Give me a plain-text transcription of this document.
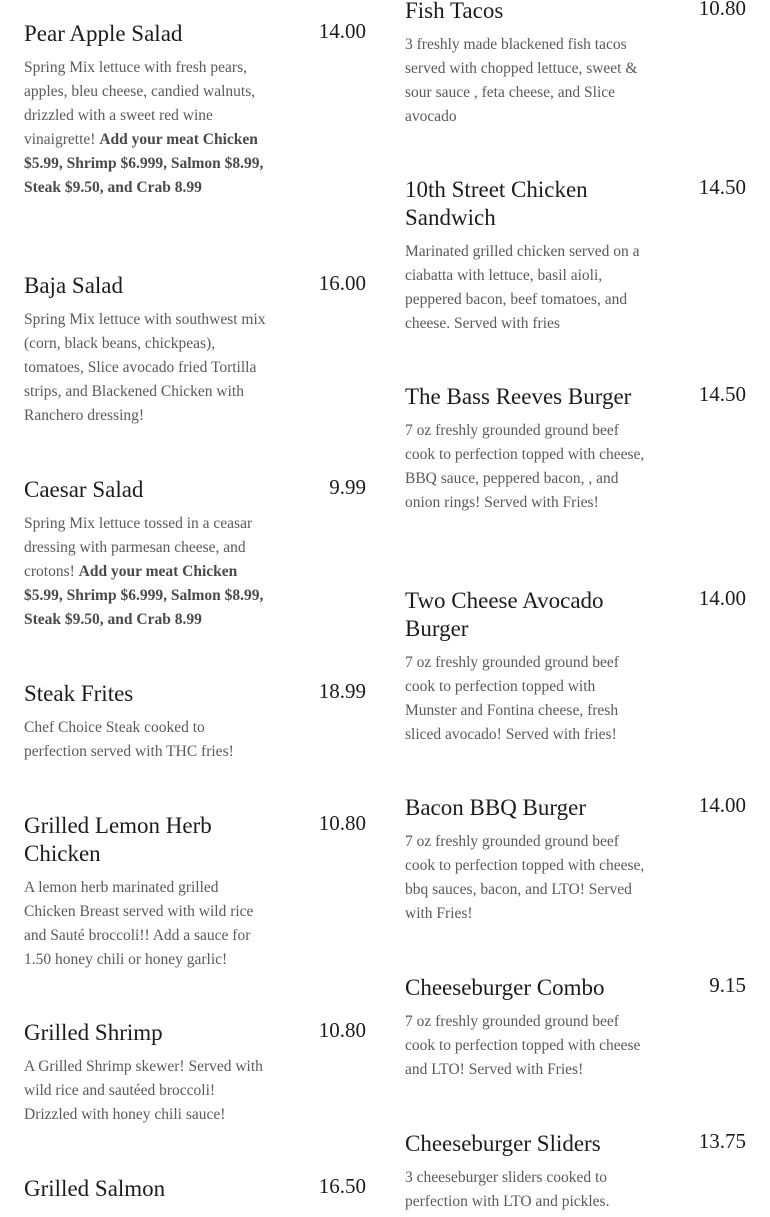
Pear Apple Salad	14.00
Spring Mix lettuce with fresh pears, apples, bleu cheese, candied walnuts, drizzled with a sweet red wine vinaigrette! Add your meat Chicken $5.99, Shrimp $6.999, Salmon $8.99, Steak $9.50, and Crab 8.99
Baja Salad	16.00
Spring Mix lettuce with southwest mix (corn, black beans, chickpeas), tomatoes, Slice avocado fried Tortilla strips, and Blackened Chicken with Ranchero dressing!
Caesar Salad	9.99
Spring Mix lettuce tossed in a ceasar dressing with parmesan cheese, and crotons! Add your meat Chicken $5.99, Shrimp $6.999, Salmon $8.99, Steak $9.50, and Crab 8.99
Steak Frites	18.99
Chef Choice Steak cooked to perfection served with THC fries!
Grilled Lemon Herb Chicken
10.80
A lemon herb marinated grilled Chicken Breast served with wild rice and Sauté broccoli!! Add a sauce for 1.50 honey chili or honey garlic!
Grilled Shrimp	10.80
A Grilled Shrimp skewer! Served with wild rice and sautéed broccoli! Drizzled with honey chili sauce!
Grilled Salmon	16.50
Fish Tacos	10.80
3 freshly made blackened fish tacos served with chopped lettuce, sweet & sour sauce , feta cheese, and Slice avocado
10th Street Chicken Sandwich
14.50
Marinated grilled chicken served on a ciabatta with lettuce, basil aioli, peppered bacon, beef tomatoes, and cheese. Served with fries
The Bass Reeves Burger	14.50
7 oz freshly grounded ground beef cook to perfection topped with cheese, BBQ sauce, peppered bacon, , and onion rings! Served with Fries!
Two Cheese Avocado Burger
14.00
7 oz freshly grounded ground beef cook to perfection topped with Munster and Fontina cheese, fresh sliced avocado! Served with fries!
Bacon BBQ Burger	14.00
7 oz freshly grounded ground beef cook to perfection topped with cheese, bbq sauces, bacon, and LTO! Served with Fries!
Cheeseburger Combo	9.15
7 oz freshly grounded ground beef cook to perfection topped with cheese and LTO! Served with Fries!
Cheeseburger Sliders	13.75
3 cheeseburger sliders cooked to perfection with LTO and pickles.
